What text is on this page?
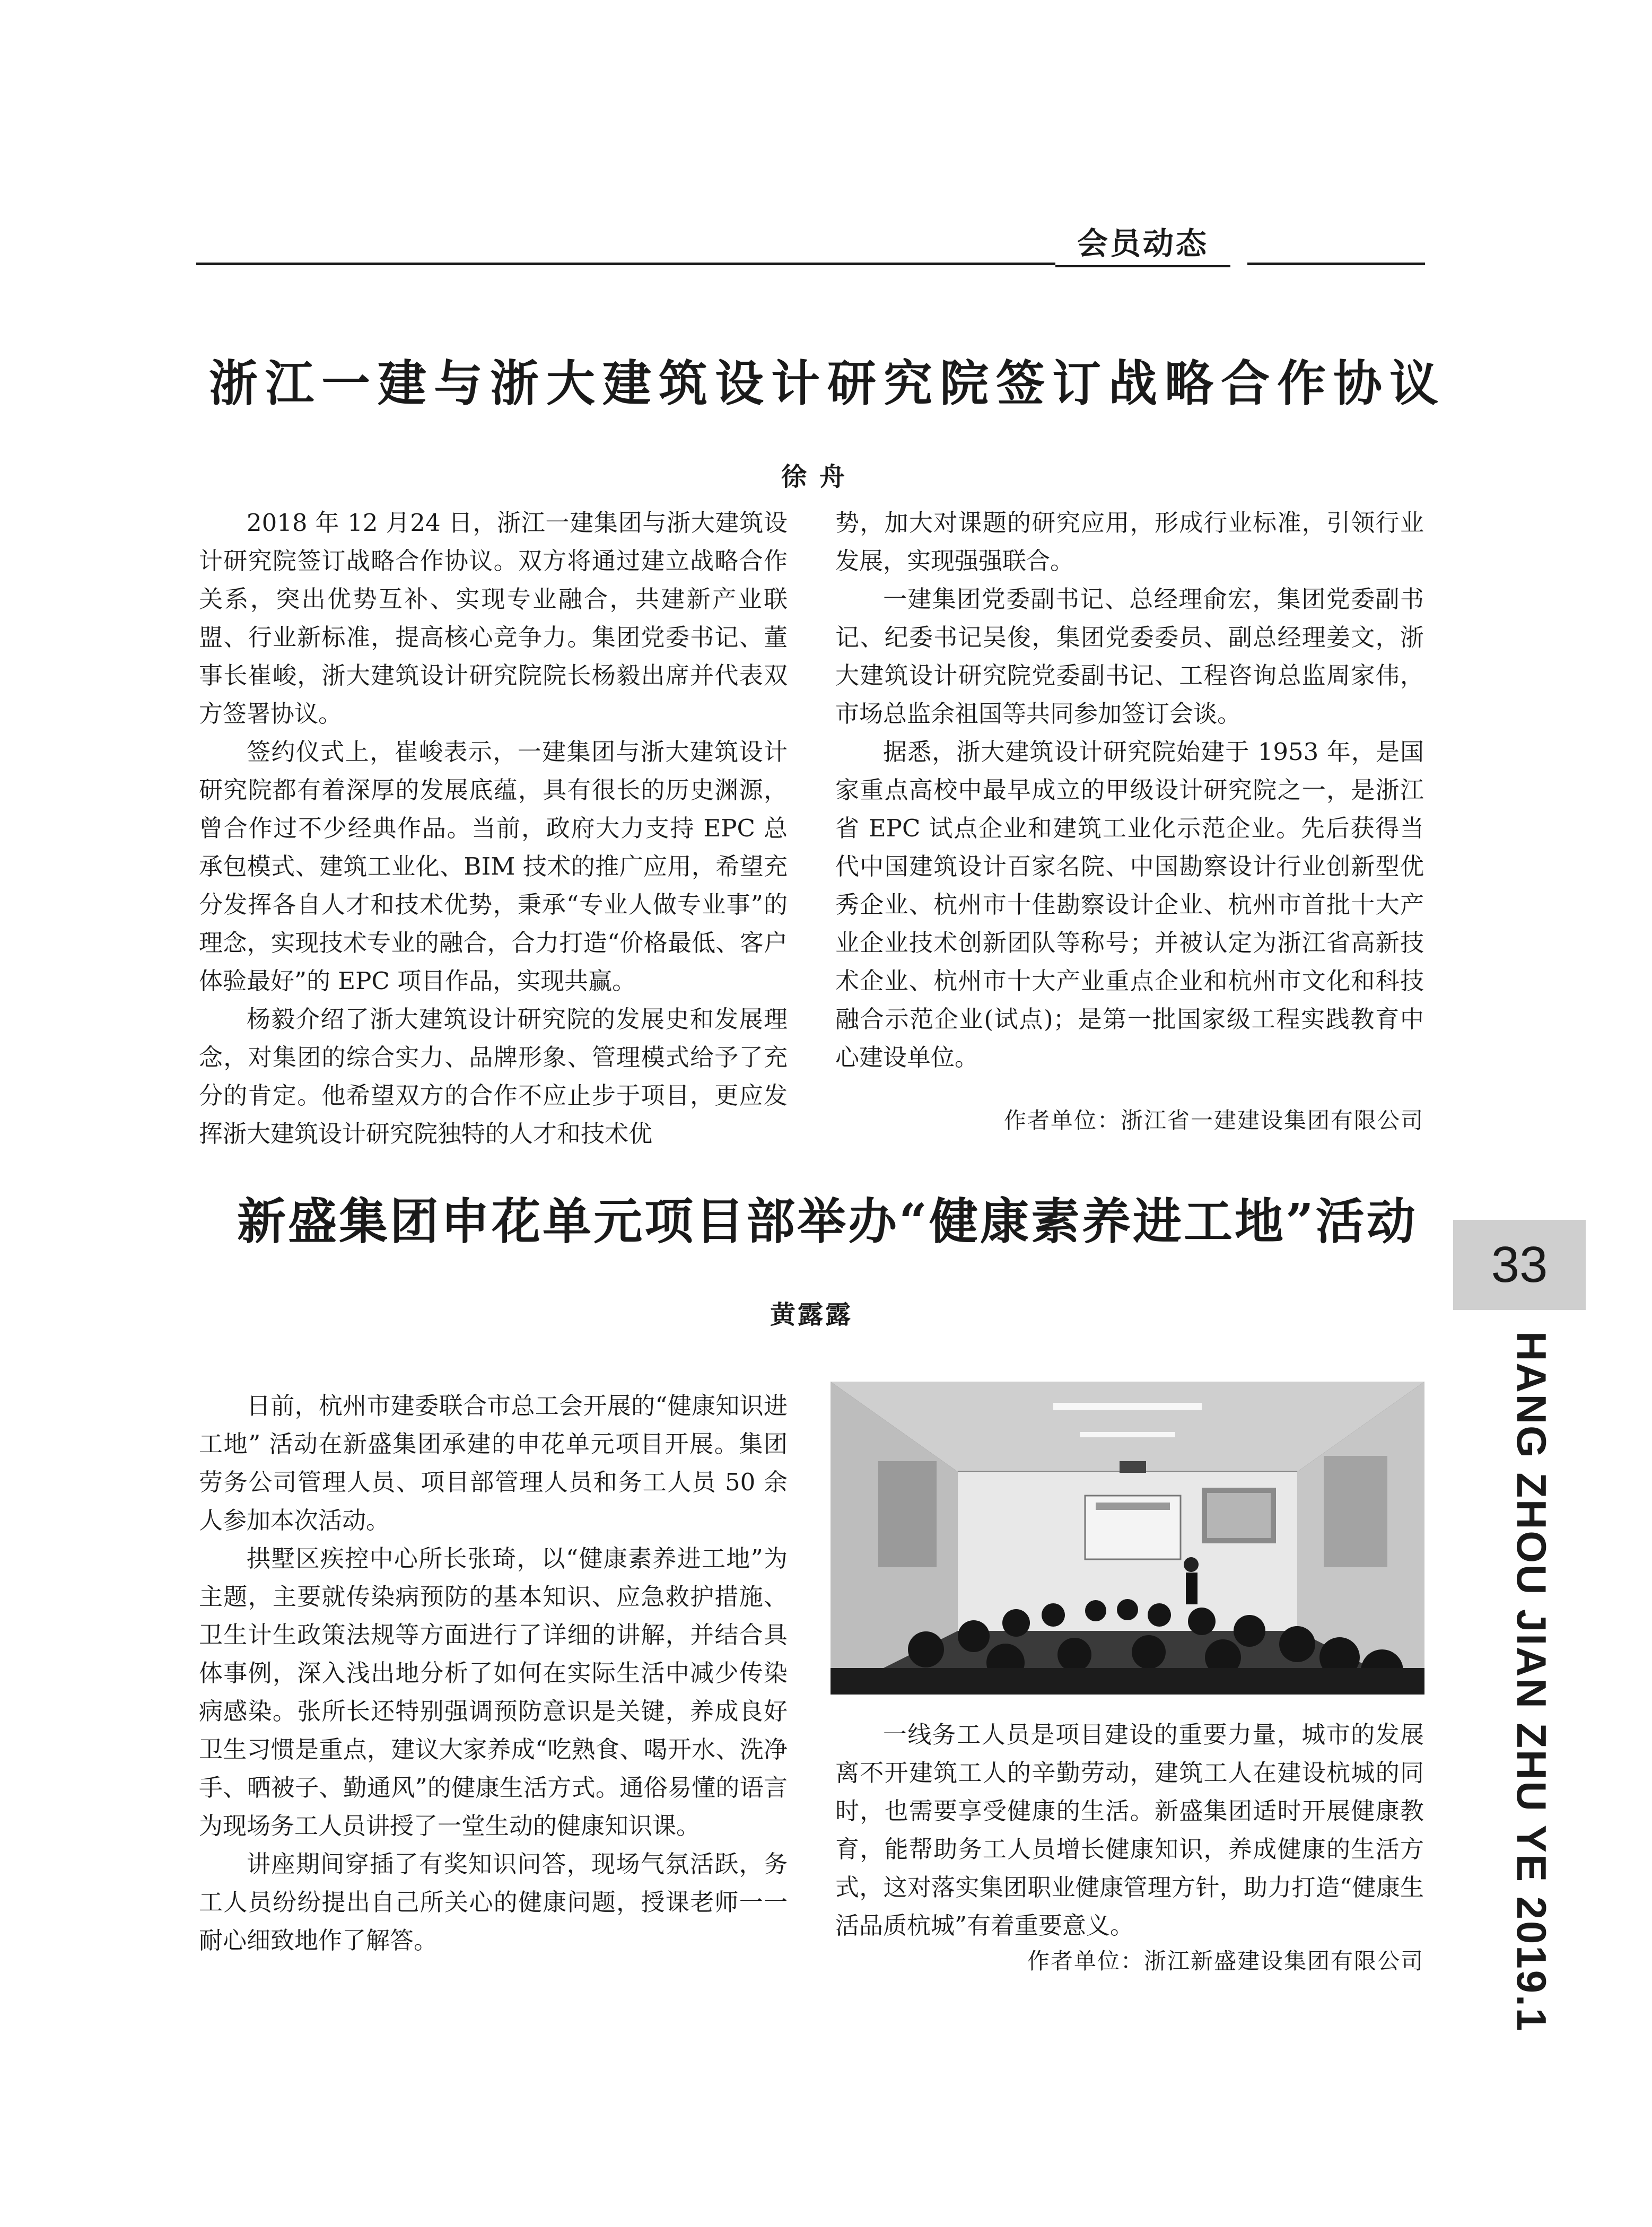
会员动态
浙江一建与浙大建筑设计研究院签订战略合作协议
徐舟

2018 年 12 月24 日，浙江一建集团与浙大建筑设计研究院签订战略合作协议。双方将通过建立战略合作关系，突出优势互补、实现专业融合，共建新产业联盟、行业新标准，提高核心竞争力。集团党委书记、董事长崔峻，浙大建筑设计研究院院长杨毅出席并代表双方签署协议。

签约仪式上，崔峻表示，一建集团与浙大建筑设计研究院都有着深厚的发展底蕴，具有很长的历史渊源，曾合作过不少经典作品。当前，政府大力支持 EPC 总承包模式、建筑工业化、BIM 技术的推广应用，希望充分发挥各自人才和技术优势，秉承“专业人做专业事”的理念，实现技术专业的融合，合力打造“价格最低、客户体验最好”的 EPC 项目作品，实现共赢。

杨毅介绍了浙大建筑设计研究院的发展史和发展理念，对集团的综合实力、品牌形象、管理模式给予了充分的肯定。他希望双方的合作不应止步于项目，更应发挥浙大建筑设计研究院独特的人才和技术优

势，加大对课题的研究应用，形成行业标准，引领行业发展，实现强强联合。

一建集团党委副书记、总经理俞宏，集团党委副书记、纪委书记吴俊，集团党委委员、副总经理姜文，浙大建筑设计研究院党委副书记、工程咨询总监周家伟，市场总监余祖国等共同参加签订会谈。

据悉，浙大建筑设计研究院始建于 1953 年，是国家重点高校中最早成立的甲级设计研究院之一，是浙江省 EPC 试点企业和建筑工业化示范企业。先后获得当代中国建筑设计百家名院、中国勘察设计行业创新型优秀企业、杭州市十佳勘察设计企业、杭州市首批十大产业企业技术创新团队等称号；并被认定为浙江省高新技术企业、杭州市十大产业重点企业和杭州市文化和科技融合示范企业(试点)；是第一批国家级工程实践教育中心建设单位。

作者单位：浙江省一建建设集团有限公司
新盛集团申花单元项目部举办“健康素养进工地”活动
黄露露

日前，杭州市建委联合市总工会开展的“健康知识进工地” 活动在新盛集团承建的申花单元项目开展。集团劳务公司管理人员、项目部管理人员和务工人员 50 余人参加本次活动。

拱墅区疾控中心所长张琦，以“健康素养进工地”为主题，主要就传染病预防的基本知识、应急救护措施、卫生计生政策法规等方面进行了详细的讲解，并结合具体事例，深入浅出地分析了如何在实际生活中减少传染病感染。张所长还特别强调预防意识是关键，养成良好卫生习惯是重点，建议大家养成“吃熟食、喝开水、洗净手、晒被子、勤通风”的健康生活方式。通俗易懂的语言为现场务工人员讲授了一堂生动的健康知识课。

讲座期间穿插了有奖知识问答，现场气氛活跃，务工人员纷纷提出自己所关心的健康问题，授课老师一一耐心细致地作了解答。

一线务工人员是项目建设的重要力量，城市的发展离不开建筑工人的辛勤劳动，建筑工人在建设杭城的同时，也需要享受健康的生活。新盛集团适时开展健康教育，能帮助务工人员增长健康知识，养成健康的生活方式，这对落实集团职业健康管理方针，助力打造“健康生活品质杭城”有着重要意义。

作者单位：浙江新盛建设集团有限公司
33
HANG ZHOU JIAN ZHU YE 2019.1
